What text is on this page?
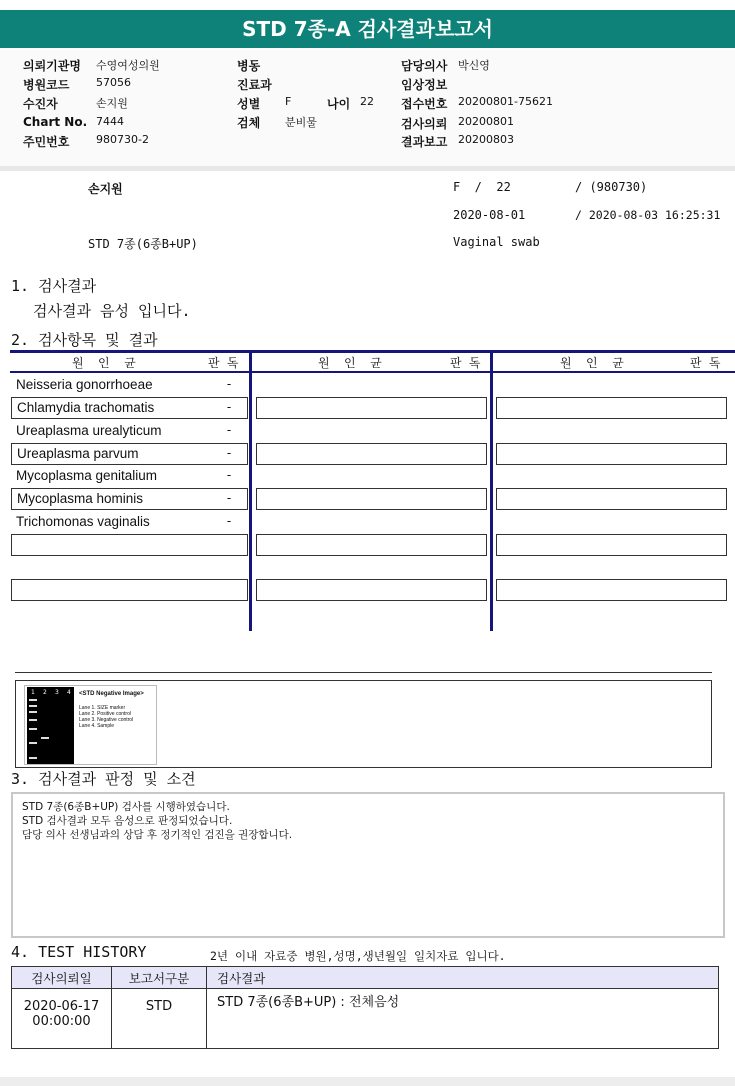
STD 7종-A 검사결과보고서
의뢰기관명 수영여성의원
병원코드 57056
수진자	손지원
Chart No. 7444
주민번호 980730-2
병동
진료과
성별 F	나이 22
검체 분비물
담당의사 박신영
임상정보
접수번호 20200801-75621
검사의뢰 20200801
결과보고 20200803
손지원	F  /  22	/ (980730)
2020-08-01	/ 2020-08-03 16:25:31
STD 7종(6종B+UP)	Vaginal swab
1. 검사결과
검사결과 음성 입니다.
2. 검사항목 및 결과
원  인  균	판 독	원  인  균	판 독	원  인  균	판 독
Neisseria gonorrhoeae	-
Chlamydia trachomatis	-
Ureaplasma urealyticum	-
Ureaplasma parvum	-
Mycoplasma genitalium	-
Mycoplasma hominis	-
Trichomonas vaginalis	-
1 2 3 4 <STD Negative Image>
Lane 1. SIZE marker
Lane 2. Positive control
Lane 3. Negative control
Lane 4. Sample
3. 검사결과 판정 및 소견
STD 7종(6종B+UP) 검사를 시행하였습니다.
STD 검사결과 모두 음성으로 판정되었습니다.
담당 의사 선생님과의 상담 후 정기적인 검진을 권장합니다.
4. TEST HISTORY	2년 이내 자료중 병원,성명,생년월일 일치자료 입니다.
검사의뢰일	보고서구분	검사결과

2020-06-17
00:00:00	STD	STD 7종(6종B+UP) : 전체음성
